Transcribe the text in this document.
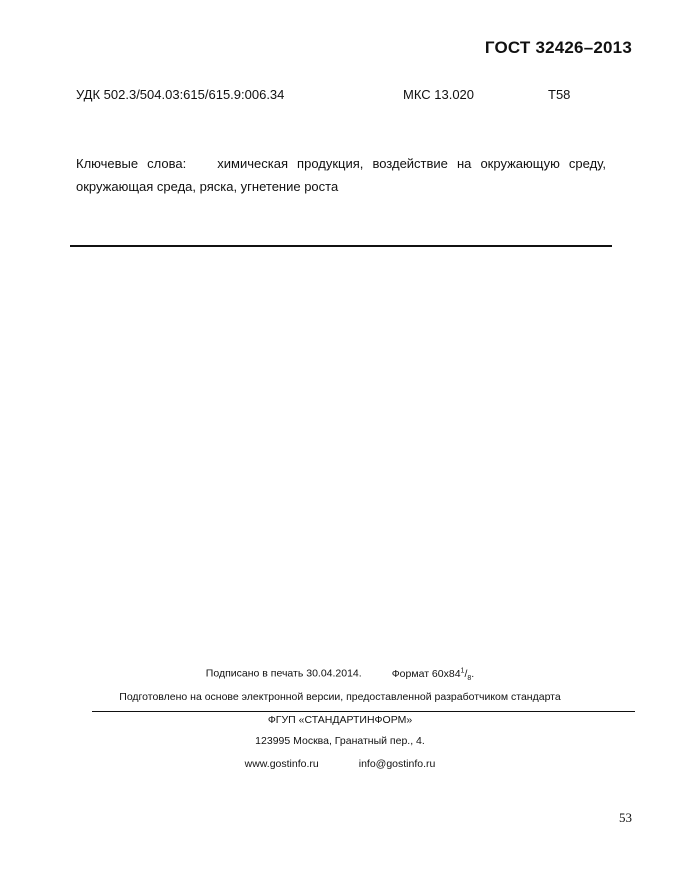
ГОСТ 32426–2013
УДК 502.3/504.03:615/615.9:006.34	МКС 13.020	Т58
Ключевые слова: химическая продукция, воздействие на окружающую среду, окружающая среда, ряска, угнетение роста
Подписано в печать 30.04.2014.	Формат $60х84^1/_8$.
Подготовлено на основе электронной версии, предоставленной разработчиком стандарта
ФГУП «СТАНДАРТИНФОРМ»
123995 Москва, Гранатный пер., 4.
www.gostinfo.ru	info@gostinfo.ru
53
